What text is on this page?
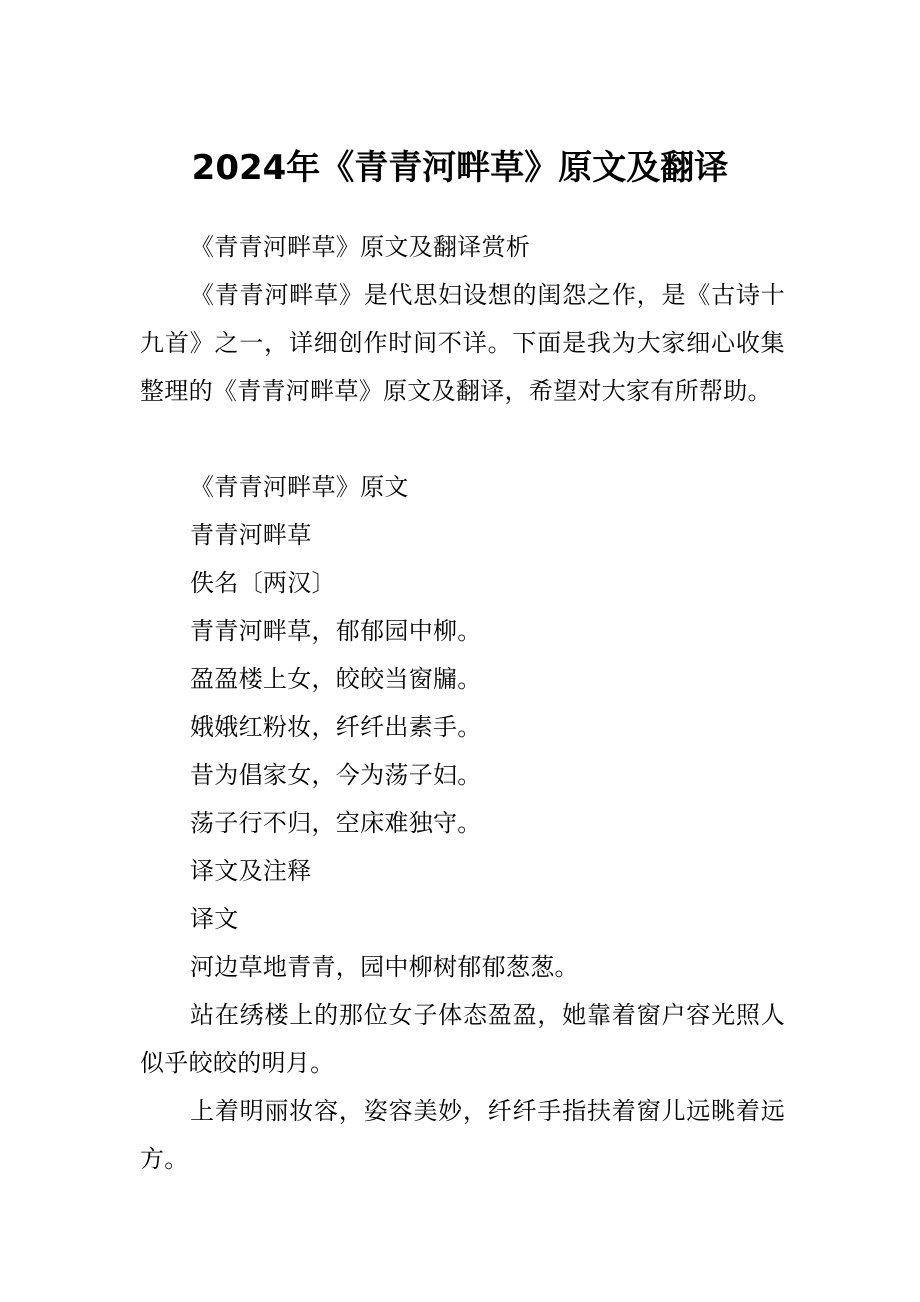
2024年《青青河畔草》原文及翻译

《青青河畔草》原文及翻译赏析

《青青河畔草》是代思妇设想的闺怨之作，是《古诗十九首》之一，详细创作时间不详。下面是我为大家细心收集整理的《青青河畔草》原文及翻译，希望对大家有所帮助。

《青青河畔草》原文

青青河畔草

佚名〔两汉〕

青青河畔草，郁郁园中柳。

盈盈楼上女，皎皎当窗牖。

娥娥红粉妆，纤纤出素手。

昔为倡家女，今为荡子妇。

荡子行不归，空床难独守。

译文及注释

译文

河边草地青青，园中柳树郁郁葱葱。

站在绣楼上的那位女子体态盈盈，她靠着窗户容光照人似乎皎皎的明月。

上着明丽妆容，姿容美妙，纤纤手指扶着窗儿远眺着远方。
